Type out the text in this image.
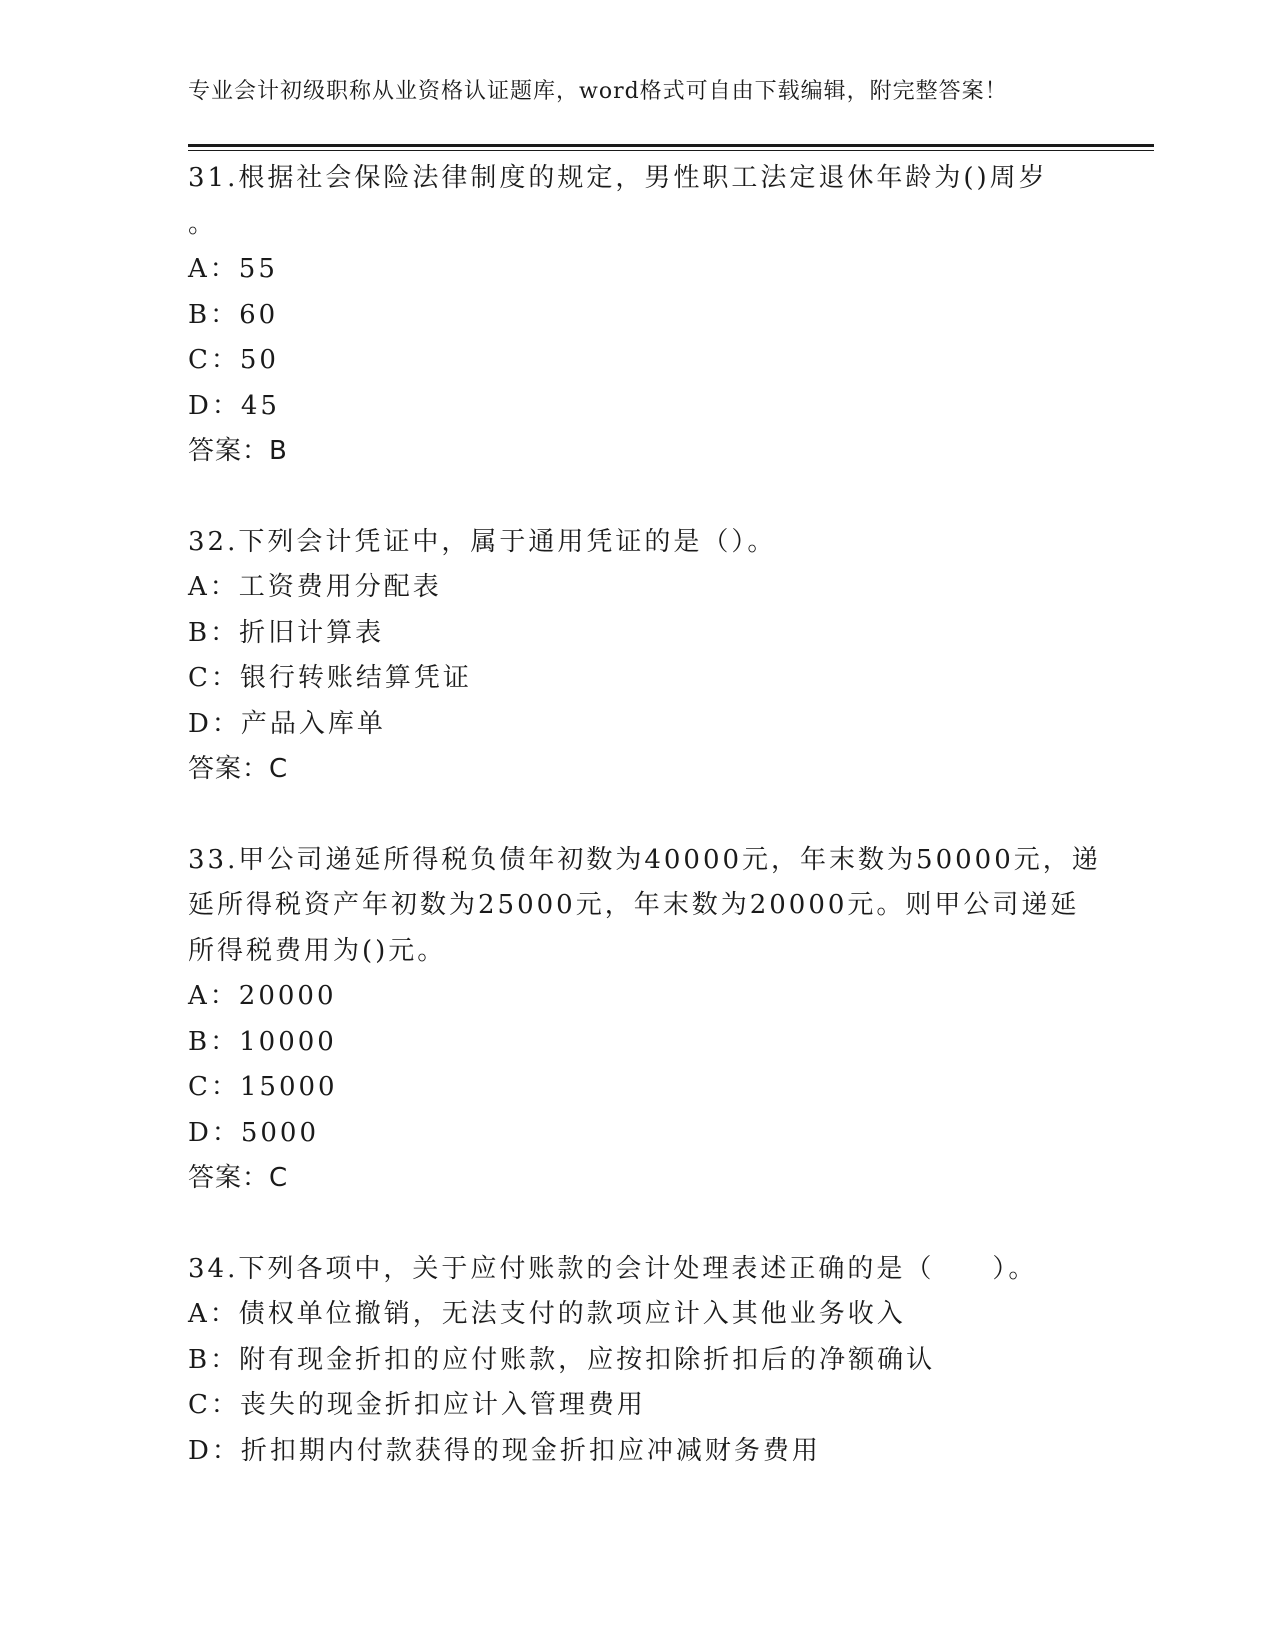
专业会计初级职称从业资格认证题库，word格式可自由下载编辑，附完整答案！
31.根据社会保险法律制度的规定，男性职工法定退休年龄为()周岁
。
A：55
B：60
C：50
D：45
答案：B
32.下列会计凭证中，属于通用凭证的是（）。
A：工资费用分配表
B：折旧计算表
C：银行转账结算凭证
D：产品入库单
答案：C
33.甲公司递延所得税负债年初数为40000元，年末数为50000元，递
延所得税资产年初数为25000元，年末数为20000元。则甲公司递延
所得税费用为()元。
A：20000
B：10000
C：15000
D：5000
答案：C
34.下列各项中，关于应付账款的会计处理表述正确的是（　　）。
A：债权单位撤销，无法支付的款项应计入其他业务收入
B：附有现金折扣的应付账款，应按扣除折扣后的净额确认
C：丧失的现金折扣应计入管理费用
D：折扣期内付款获得的现金折扣应冲减财务费用
